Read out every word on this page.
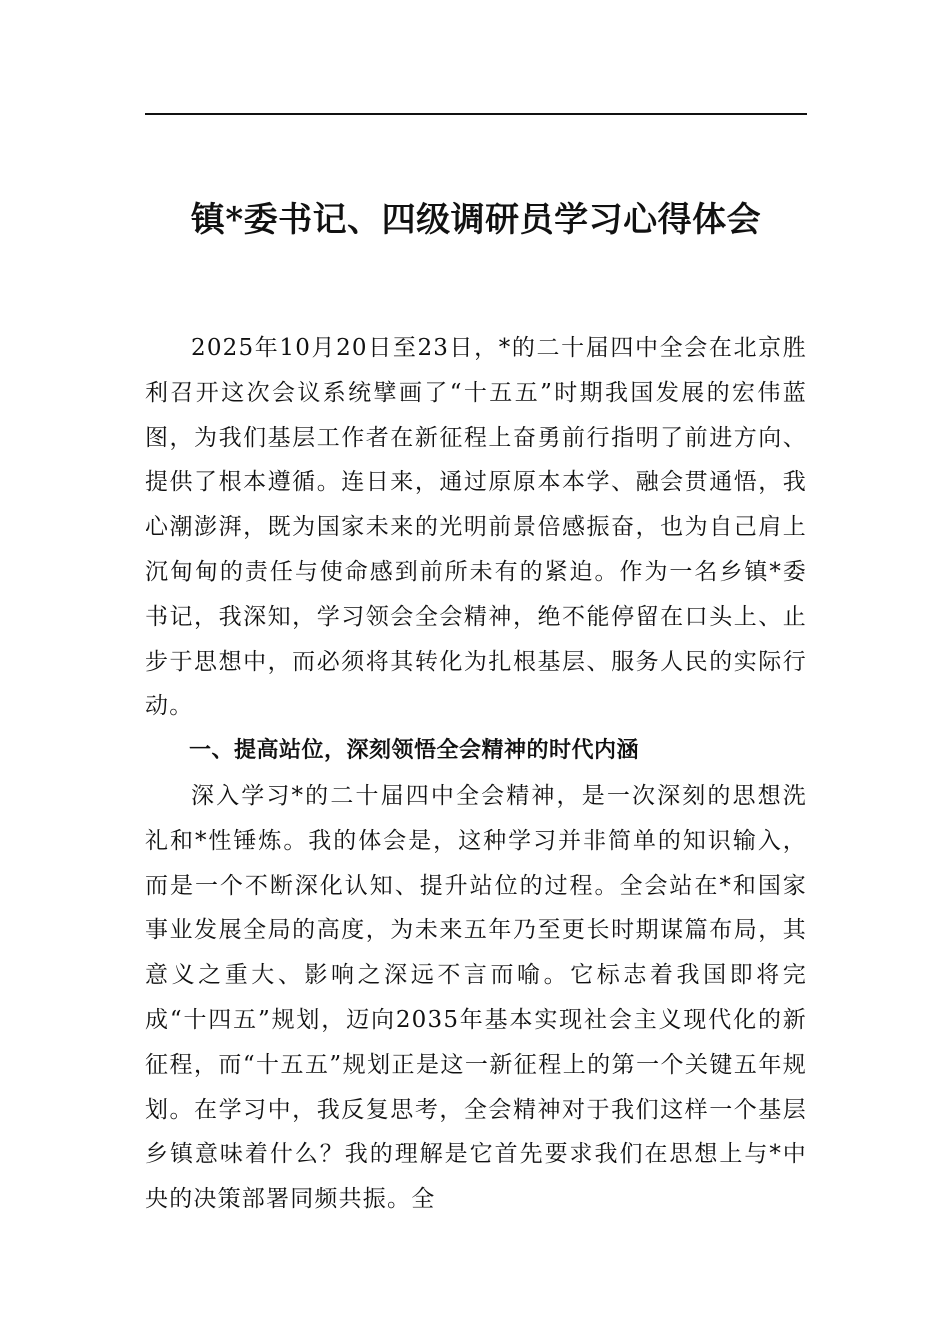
镇*委书记、四级调研员学习心得体会

2025年10月20日至23日，*的二十届四中全会在北京胜利召开这次会议系统擘画了“十五五”时期我国发展的宏伟蓝图，为我们基层工作者在新征程上奋勇前行指明了前进方向、提供了根本遵循。连日来，通过原原本本学、融会贯通悟，我心潮澎湃，既为国家未来的光明前景倍感振奋，也为自己肩上沉甸甸的责任与使命感到前所未有的紧迫。作为一名乡镇*委书记，我深知，学习领会全会精神，绝不能停留在口头上、止步于思想中，而必须将其转化为扎根基层、服务人民的实际行动。

一、提高站位，深刻领悟全会精神的时代内涵

深入学习*的二十届四中全会精神，是一次深刻的思想洗礼和*性锤炼。我的体会是，这种学习并非简单的知识输入，而是一个不断深化认知、提升站位的过程。全会站在*和国家事业发展全局的高度，为未来五年乃至更长时期谋篇布局，其意义之重大、影响之深远不言而喻。它标志着我国即将完成“十四五”规划，迈向2035年基本实现社会主义现代化的新征程，而“十五五”规划正是这一新征程上的第一个关键五年规划。在学习中，我反复思考，全会精神对于我们这样一个基层乡镇意味着什么？我的理解是它首先要求我们在思想上与*中央的决策部署同频共振。全
